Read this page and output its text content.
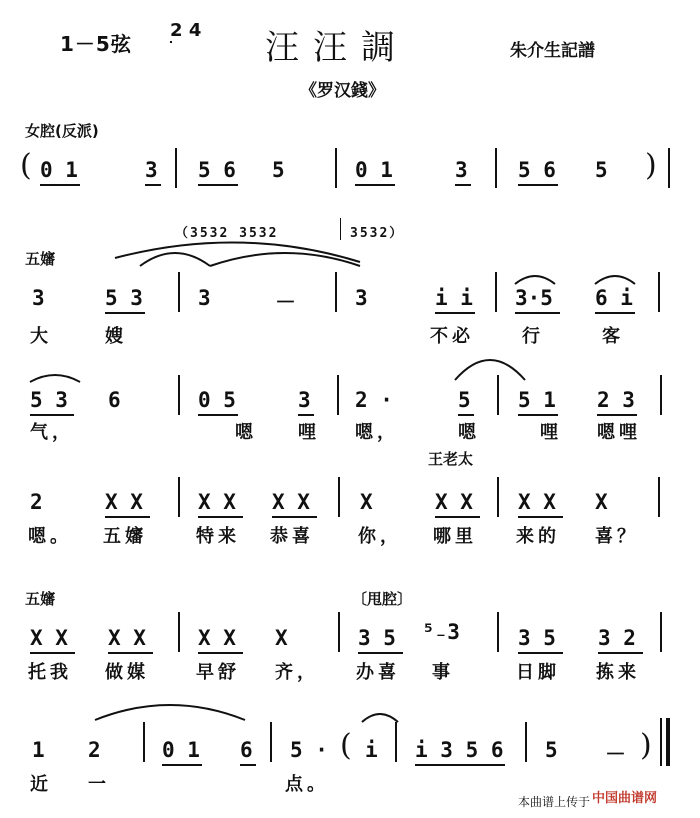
1－5弦
2 4 汪汪調
《罗汉錢》
朱介生記譜
女腔(反派)
( 0 1	3 5 6 5	0 1	3 5 6 5 )
（3532 3532	3532）
五嬸
3	5 3	3	－	3	i i 3·5 6 i
大	嫂	不必	行	客
5 3 6	0 5	3 2 ·	5 5 1 2 3
气，	嗯 哩 嗯，	嗯	哩 嗯哩
王老太
2	X X	X X X X X	X X X X X
嗯。 五嬸	特来 恭喜 你， 哪里 来的 喜？
五嬸	〔甩腔〕
X X X X X X X	3 5 ⁵₋3	3 5 3 2
托我 做媒	早舒 齐， 办喜 事	日脚 拣来
1 2	0 1 6 5 · ( i i 3 5 6 5 － )
近 一	点。
本曲谱上传于 中国曲谱网
